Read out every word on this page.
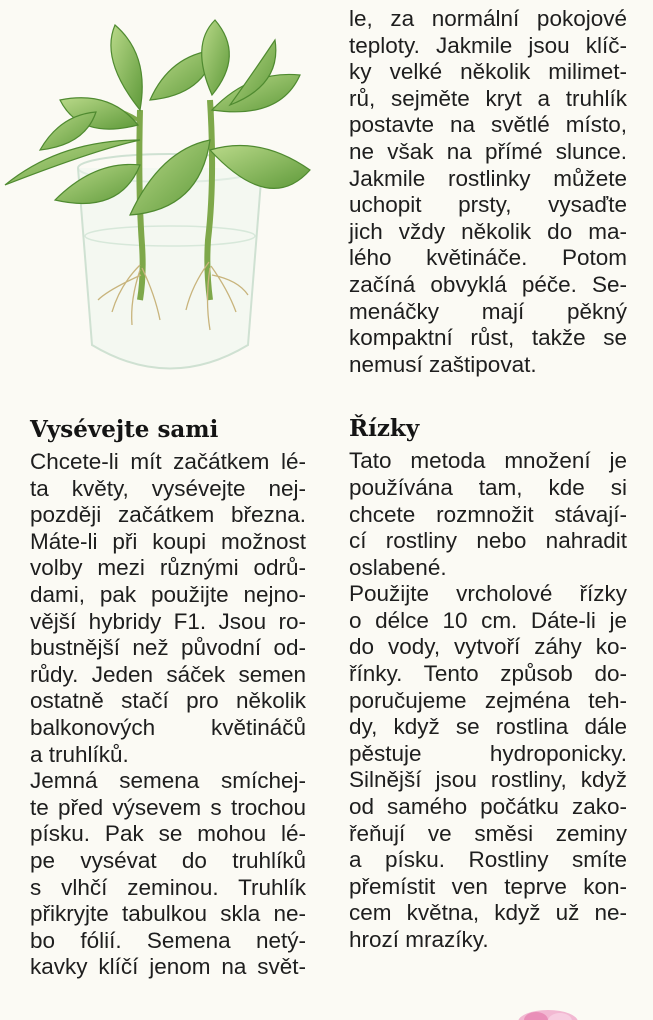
Vysévejte sami
Chcete-li mít začátkem lé-
ta květy, vysévejte nej-
později začátkem března.
Máte-li při koupi možnost
volby mezi různými odrů-
dami, pak použijte nejno-
vější hybridy F1. Jsou ro-
bustnější než původní od-
růdy. Jeden sáček semen
ostatně stačí pro několik
balkonových květináčů
a truhlíků.
Jemná semena smíchej-
te před výsevem s trochou
písku. Pak se mohou lé-
pe vysévat do truhlíků
s vlhčí zeminou. Truhlík
přikryjte tabulkou skla ne-
bo fólií. Semena netý-
kavky klíčí jenom na svět-
le, za normální pokojové
teploty. Jakmile jsou klíč-
ky velké několik milimet-
rů, sejměte kryt a truhlík
postavte na světlé místo,
ne však na přímé slunce.
Jakmile rostlinky můžete
uchopit prsty, vysaďte
jich vždy několik do ma-
lého květináče. Potom
začíná obvyklá péče. Se-
menáčky mají pěkný
kompaktní růst, takže se
nemusí zaštipovat.
Řízky
Tato metoda množení je
používána tam, kde si
chcete rozmnožit stávají-
cí rostliny nebo nahradit
oslabené.
Použijte vrcholové řízky
o délce 10 cm. Dáte-li je
do vody, vytvoří záhy ko-
řínky. Tento způsob do-
poručujeme zejména teh-
dy, když se rostlina dále
pěstuje hydroponicky.
Silnější jsou rostliny, když
od samého počátku zako-
řeňují ve směsi zeminy
a písku. Rostliny smíte
přemístit ven teprve kon-
cem května, když už ne-
hrozí mrazíky.
